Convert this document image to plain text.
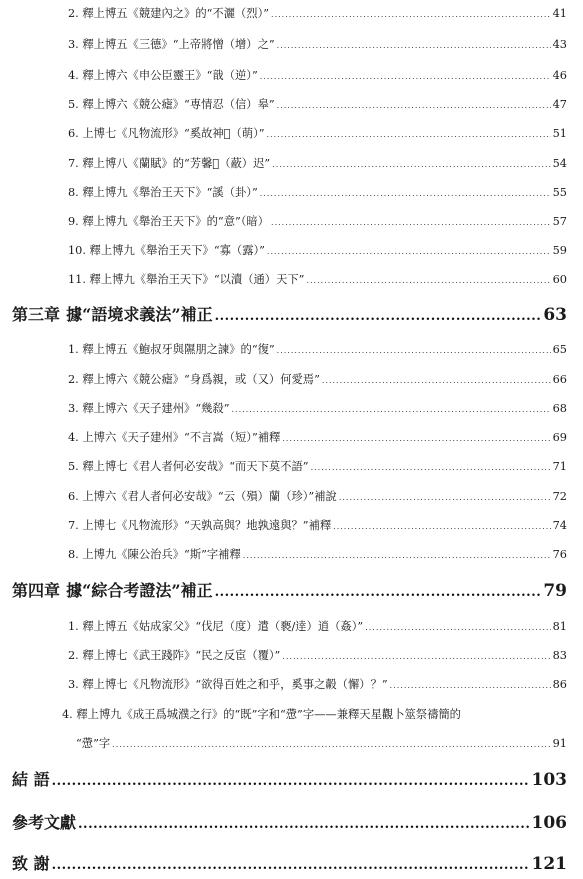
2. 釋上博五《競建內之》的“不灑（烈）” .....	41
3. 釋上博五《三德》“上帝將憎（增）之” .....	43
4. 釋上博六《申公臣靈王》“戠（逆）” .....	46
5. 釋上博六《競公瘧》“専情忍（信）皋” .....	47
6. 上博七《凡物流形》“奚故神𦫭（萌）” .....	51
7. 釋上博八《蘭賦》的“芳馨𦫭（蔽）迟” .....	54
8. 釋上博九《舉治王天下》“謑（卦）” .....	55
9. 釋上博九《舉治王天下》的“意”（暗） .....	57
10. 釋上博九《舉治王天下》“寡（露）” .....	59
11. 釋上博九《舉治王天下》“以瀆（通）天下” .....	60
第三章 據“語境求義法”補正 .....	63
1. 釋上博五《鮑叔牙與隰朋之諫》的“復” .....	65
2. 釋上博六《競公瘧》“身爲親，或（又）何愛焉” .....	66
3. 釋上博六《天子建州》“幾殺” .....	68
4. 上博六《天子建州》“不言嵩（短）”補釋 .....	69
5. 釋上博七《君人者何必安哉》“而天下莫不語” .....	71
6. 上博六《君人者何必安哉》“云（殞）蘭（珍）”補說 .....	72
7. 上博七《凡物流形》“天孰高與？地孰遠與？”補釋 .....	74
8. 上博九《陳公治兵》“斯”字補釋 .....	76
第四章 據“綜合考證法”補正 .....	79
1. 釋上博五《姑成家父》“伐尼（度）遣（褻/逹）逍（姦）” .....	81
2. 釋上博七《武王踐阼》“民之反宦（覆）” .....	83
3. 釋上博七《凡物流形》“欲得百姓之和乎，奚事之㲉（懈）？” .....	86
4. 釋上博九《成王爲城濮之行》的“既”字和“慸”字——兼釋天星觀卜筮祭禱簡的
“慸”字 .....	91
結 語 .....	103
參考文獻 .....	106
致 謝 .....	121
